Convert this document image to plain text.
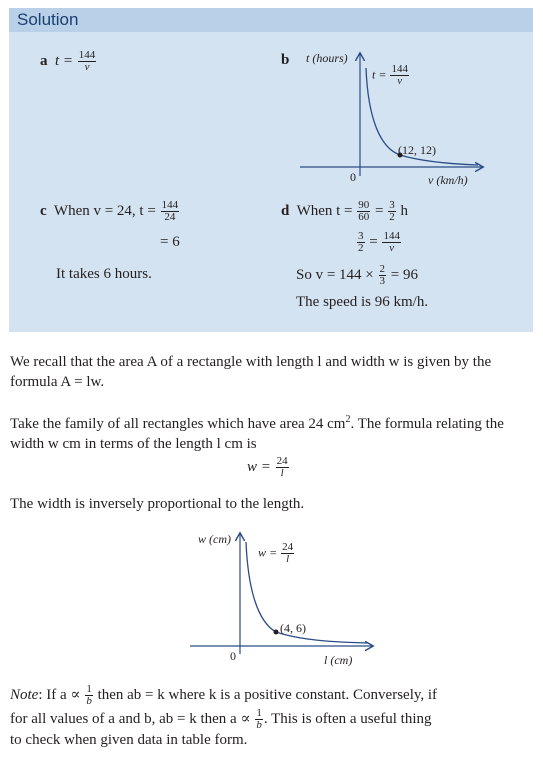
Solution
a $t = \frac{144}{v}$	b t (hours)
v (km/h)
0
(12, 12)
$t = \frac{144}{v}$
c When v = 24, $t = \frac{144}{24}$
= 6
It takes 6 hours.
d When $t = \frac{90}{60} = \frac{3}{2}$ h
$\frac{3}{2} = \frac{144}{v}$
So $v = 144 \times \frac{2}{3} = 96$
The speed is 96 km/h.
We recall that the area A of a rectangle with length l and width w is given by the formula A = lw.
Take the family of all rectangles which have area 24 $cm^2$. The formula relating the width w cm in terms of the length l cm is
$w = \frac{24}{l}$
The width is inversely proportional to the length.
w (cm)
l (cm)
0
(4, 6)
$w = \frac{24}{l}$
Note: If $a \propto \frac{1}{b}$ then ab = k where k is a positive constant. Conversely, if
for all values of a and b, ab = k then $a \propto \frac{1}{b}$ . This is often a useful thing
to check when given data in table form.
